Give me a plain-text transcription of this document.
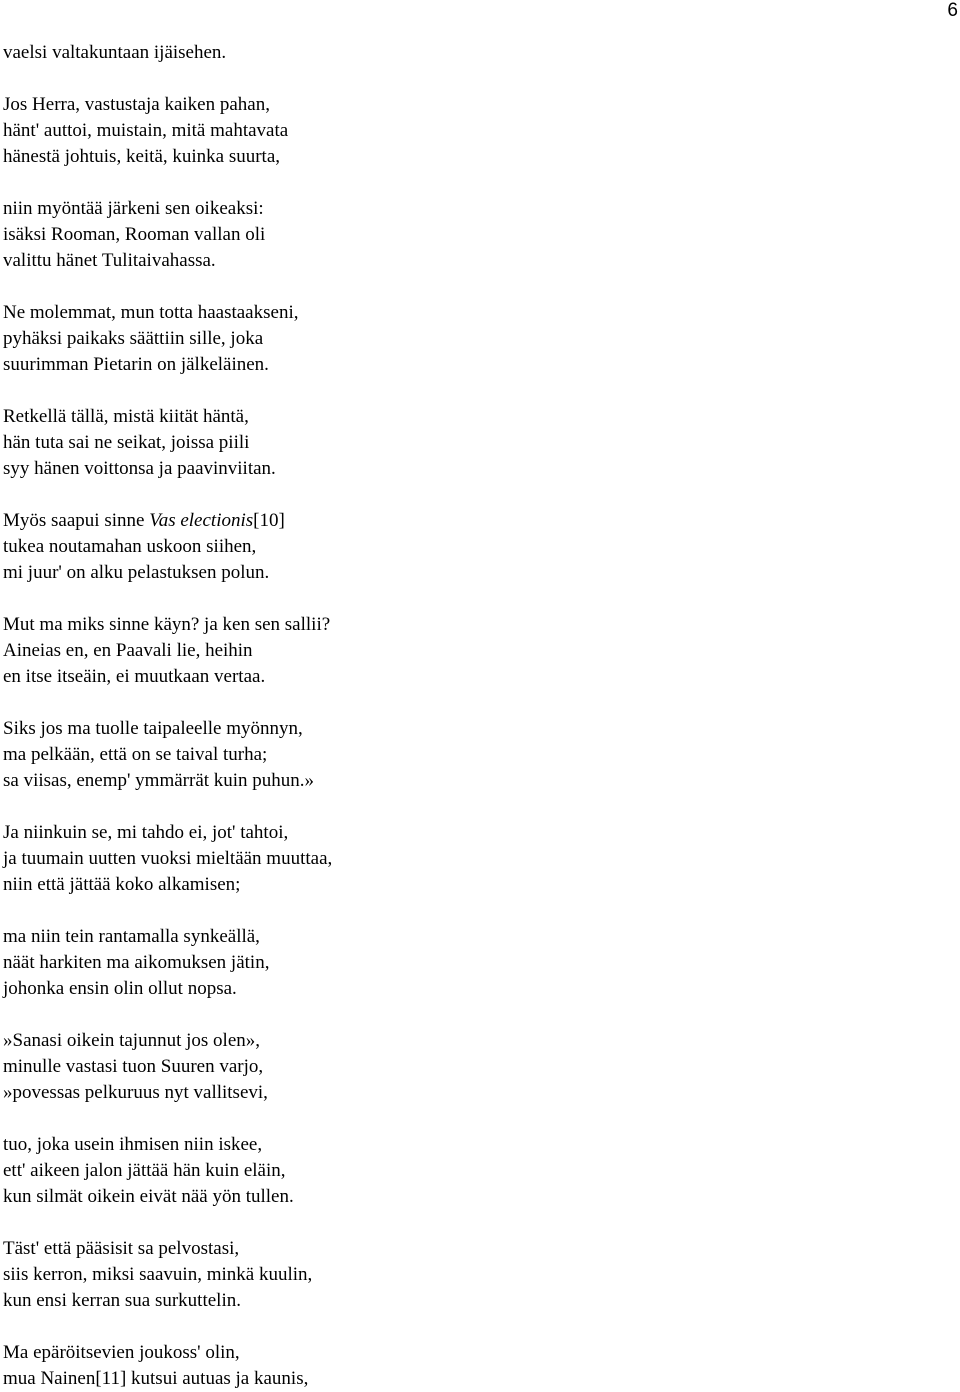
6
vaelsi valtakuntaan ijäisehen.
Jos Herra, vastustaja kaiken pahan,
hänt' auttoi, muistain, mitä mahtavata
hänestä johtuis, keitä, kuinka suurta,
niin myöntää järkeni sen oikeaksi:
isäksi Rooman, Rooman vallan oli
valittu hänet Tulitaivahassa.
Ne molemmat, mun totta haastaakseni,
pyhäksi paikaks säättiin sille, joka
suurimman Pietarin on jälkeläinen.
Retkellä tällä, mistä kiität häntä,
hän tuta sai ne seikat, joissa piili
syy hänen voittonsa ja paavinviitan.
Myös saapui sinne Vas electionis[10]
tukea noutamahan uskoon siihen,
mi juur' on alku pelastuksen polun.
Mut ma miks sinne käyn? ja ken sen sallii?
Aineias en, en Paavali lie, heihin
en itse itseäin, ei muutkaan vertaa.
Siks jos ma tuolle taipaleelle myönnyn,
ma pelkään, että on se taival turha;
sa viisas, enemp' ymmärrät kuin puhun.»
Ja niinkuin se, mi tahdo ei, jot' tahtoi,
ja tuumain uutten vuoksi mieltään muuttaa,
niin että jättää koko alkamisen;
ma niin tein rantamalla synkeällä,
näät harkiten ma aikomuksen jätin,
johonka ensin olin ollut nopsa.
»Sanasi oikein tajunnut jos olen»,
minulle vastasi tuon Suuren varjo,
»povessas pelkuruus nyt vallitsevi,
tuo, joka usein ihmisen niin iskee,
ett' aikeen jalon jättää hän kuin eläin,
kun silmät oikein eivät nää yön tullen.
Täst' että pääsisit sa pelvostasi,
siis kerron, miksi saavuin, minkä kuulin,
kun ensi kerran sua surkuttelin.
Ma epäröitsevien joukoss' olin,
mua Nainen[11] kutsui autuas ja kaunis,
